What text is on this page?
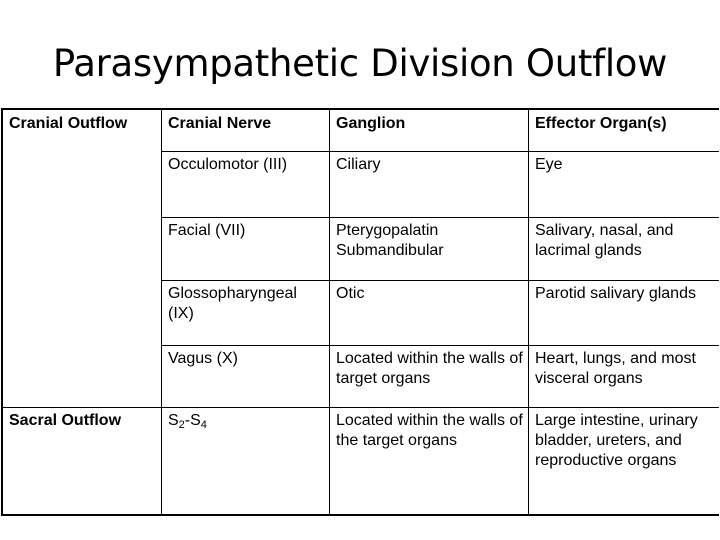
Parasympathetic Division Outflow
Cranial Outflow	Cranial Nerve	Ganglion	Effector Organ(s)
	Occulomotor (III)	Ciliary	Eye
	Facial (VII)	Pterygopalatin Submandibular	Salivary, nasal, and lacrimal glands
	Glossopharyngeal (IX)	Otic	Parotid salivary glands
	Vagus (X)	Located within the walls of target organs	Heart, lungs, and most visceral organs
Sacral Outflow	$S_2-S_4$	Located within the walls of the target organs	Large intestine, urinary bladder, ureters, and reproductive organs
